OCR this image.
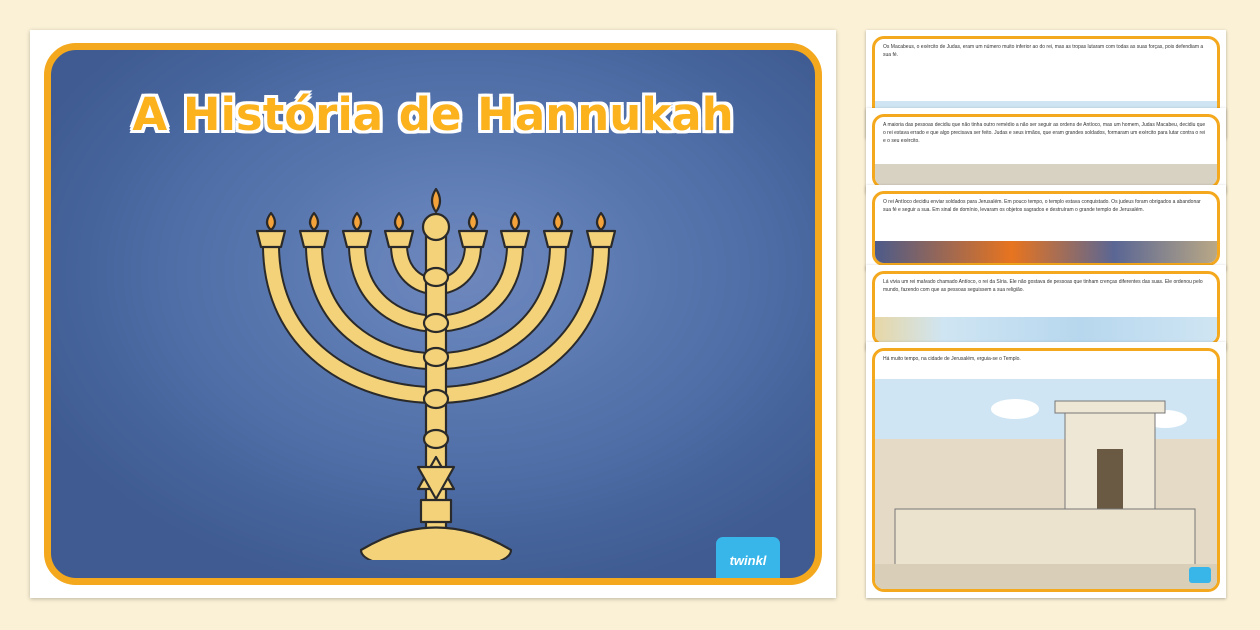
A História de Hannukah
twinkl

Os Macabeus, o exército de Judas, eram um número muito inferior ao do rei, mas as tropas lutaram com todas as suas forças, pois defendiam a sua fé.

A maioria das pessoas decidiu que não tinha outro remédio a não ser seguir as ordens de Antíoco, mas um homem, Judas Macabeu, decidiu que o rei estava errado e que algo precisava ser feito. Judas e seus irmãos, que eram grandes soldados, formaram um exército para lutar contra o rei e o seu exército.

O rei Antíoco decidiu enviar soldados para Jerusalém. Em pouco tempo, o templo estava conquistado. Os judeus foram obrigados a abandonar sua fé e seguir a sua. Em sinal de domínio, levaram os objetos sagrados e destruíram o grande templo de Jerusalém.

Lá vivia um rei malvado chamado Antíoco, o rei da Síria. Ele não gostava de pessoas que tinham crenças diferentes das suas. Ele ordenou pelo mundo, fazendo com que as pessoas seguissem a sua religião.

Há muito tempo, na cidade de Jerusalém, erguia-se o Templo.
